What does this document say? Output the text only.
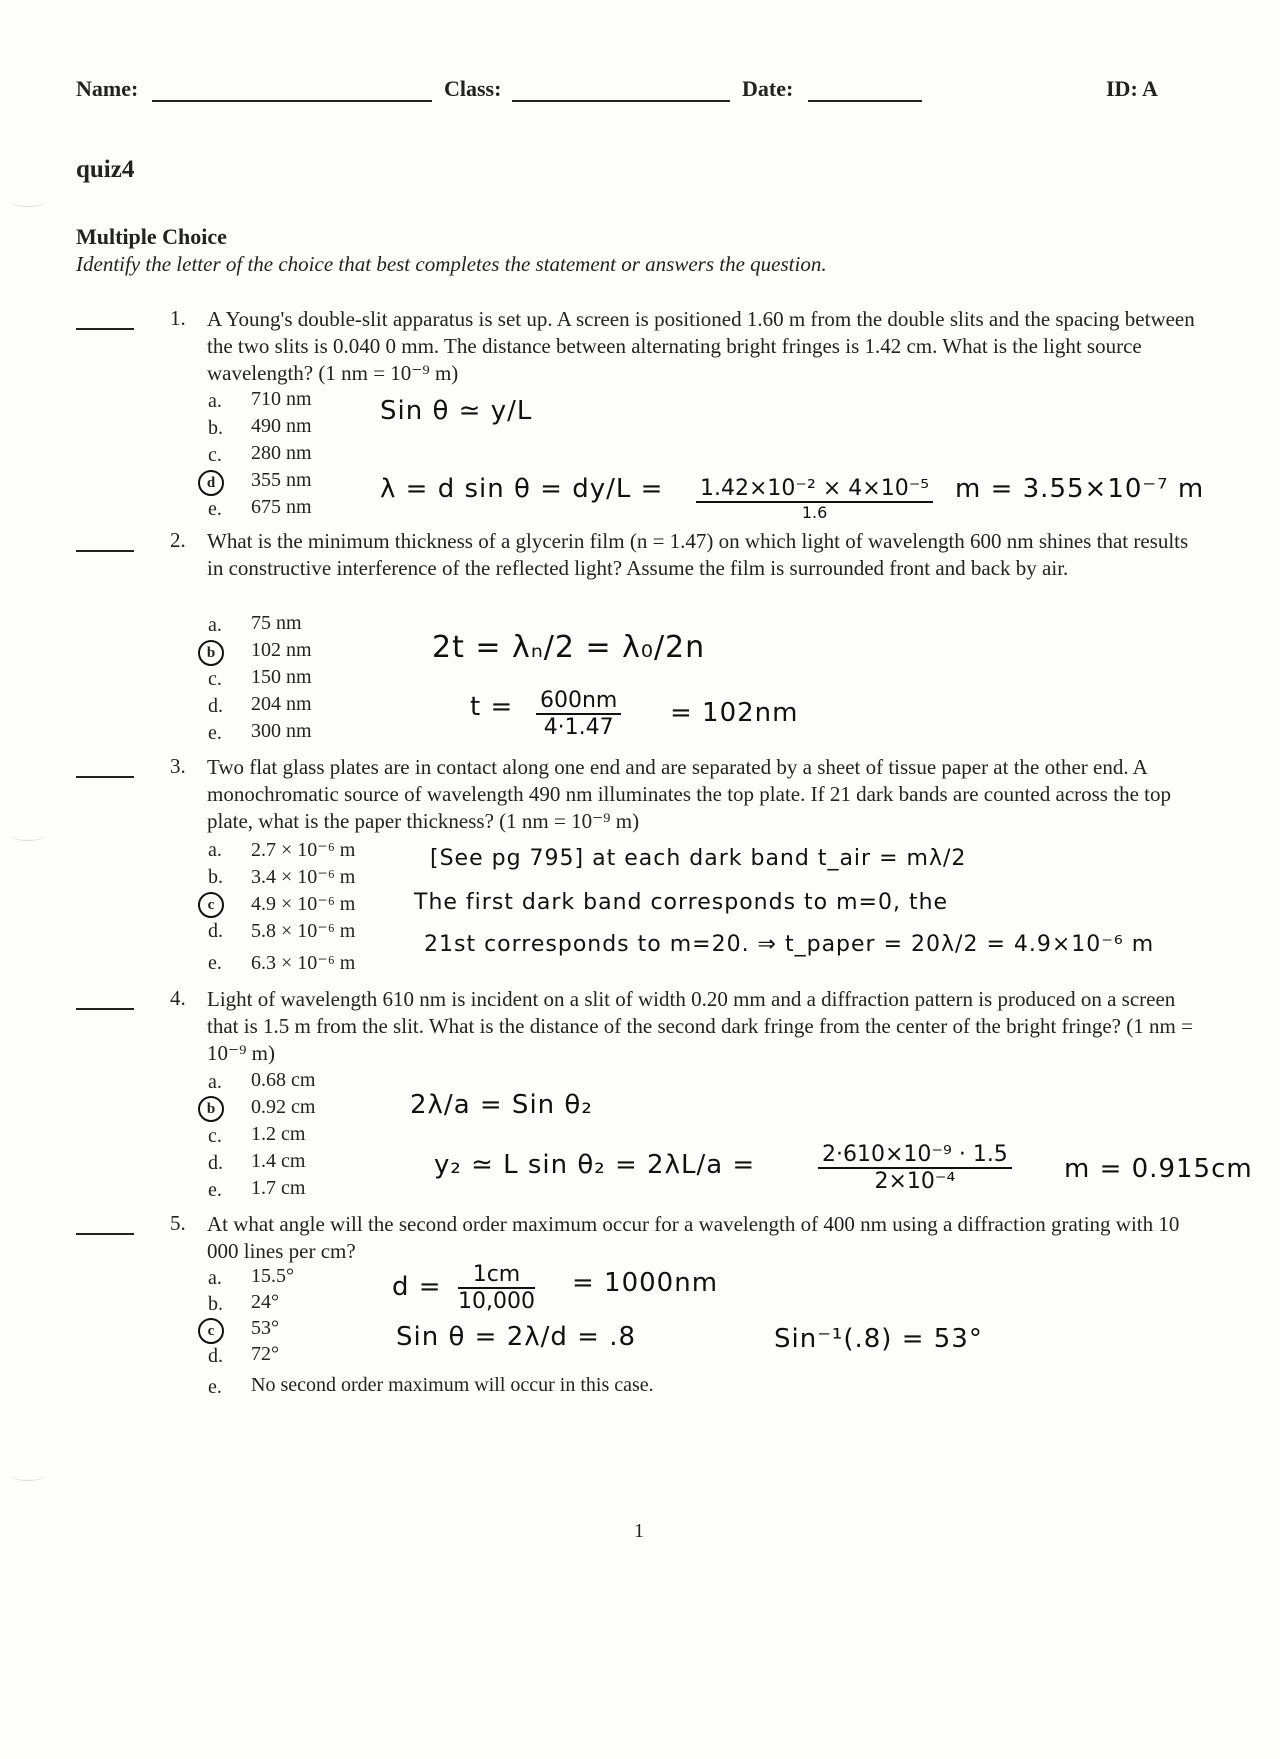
Name:	Class:	Date:	ID: A
quiz4
Multiple Choice
Identify the letter of the choice that best completes the statement or answers the question.
1. A Young's double-slit apparatus is set up. A screen is positioned 1.60 m from the double slits and the spacing between the two slits is 0.040 0 mm. The distance between alternating bright fringes is 1.42 cm. What is the light source wavelength? (1 nm = 10⁻⁹ m)
a.	710 nm
b.	490 nm
c.	280 nm
d	355 nm
e.	675 nm
Sin θ ≃ y/L
λ = d sin θ = dy/L = 1.42×10⁻² × 4×10⁻⁵
1.6
m = 3.55×10⁻⁷ m
2. What is the minimum thickness of a glycerin film (n = 1.47) on which light of wavelength 600 nm shines that results in constructive interference of the reflected light? Assume the film is surrounded front and back by air.
a.	75 nm
b	102 nm
c.	150 nm
d.	204 nm
e.	300 nm
2t = λₙ/2 = λ₀/2n
$t = \frac{600nm}{4\cdot 1.47} = 102nm$
3. Two flat glass plates are in contact along one end and are separated by a sheet of tissue paper at the other end. A monochromatic source of wavelength 490 nm illuminates the top plate. If 21 dark bands are counted across the top plate, what is the paper thickness? (1 nm = 10⁻⁹ m)
a.	2.7 × 10⁻⁶ m
b.	3.4 × 10⁻⁶ m
c	4.9 × 10⁻⁶ m
d.	5.8 × 10⁻⁶ m
e.	6.3 × 10⁻⁶ m
[See pg 795] at each dark band t_air = mλ/2
The first dark band corresponds to m=0, the
21st corresponds to m=20. ⇒ t_paper = 20λ/2 = 4.9×10⁻⁶ m
4. Light of wavelength 610 nm is incident on a slit of width 0.20 mm and a diffraction pattern is produced on a screen that is 1.5 m from the slit. What is the distance of the second dark fringe from the center of the bright fringe? (1 nm = 10⁻⁹ m)
a.	0.68 cm
b	0.92 cm
c.	1.2 cm
d.	1.4 cm
e.	1.7 cm
2λ/a = Sin θ₂
y₂ ≃ L sin θ₂ = 2λL/a =	$\frac{\text{2·610×10⁻⁹ · 1.5}}{\text{2×10⁻⁴}}$ m = 0.915cm
5. At what angle will the second order maximum occur for a wavelength of 400 nm using a diffraction grating with 10 000 lines per cm?
a.	15.5°
b.	24°
c	53°
d.	72°
e.	No second order maximum will occur in this case.
$d = \frac{1cm}{10,000} = 1000nm$
Sin θ = 2λ/d = .8	Sin⁻¹(.8) = 53°
1
